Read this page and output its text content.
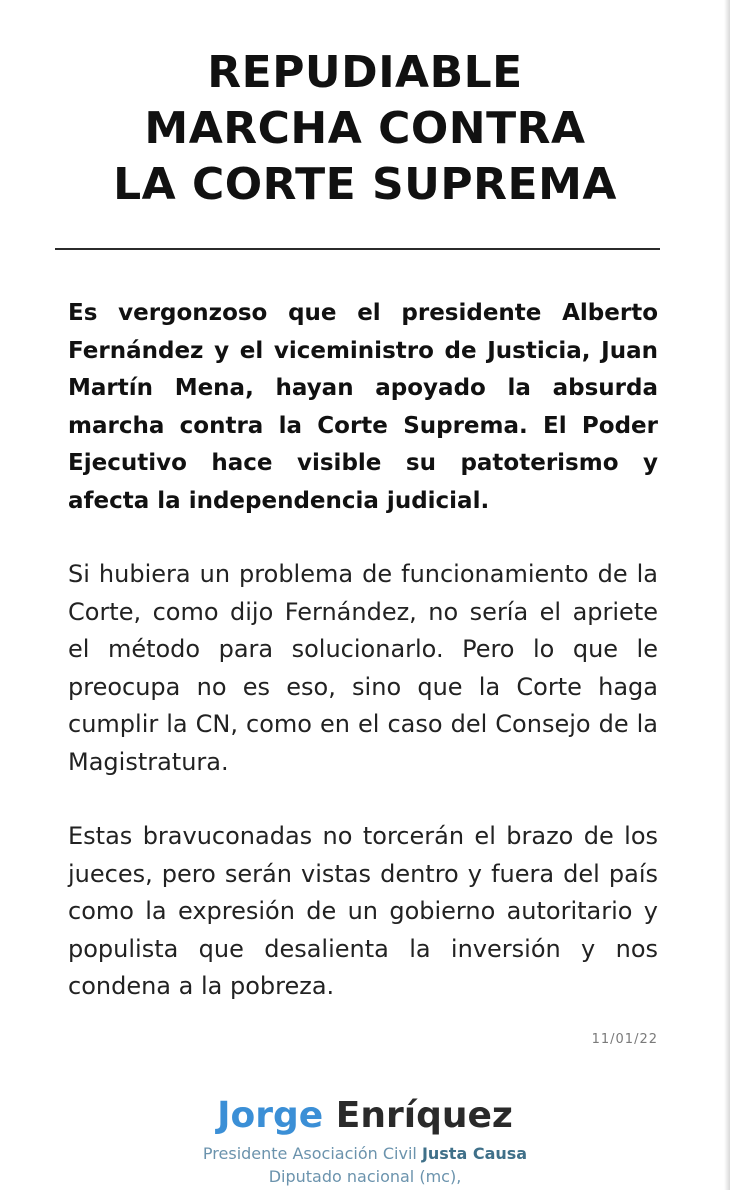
REPUDIABLE
MARCHA CONTRA
LA CORTE SUPREMA
Es vergonzoso que el presidente Alberto Fernández y el viceministro de Justicia, Juan Martín Mena, hayan apoyado la absurda marcha contra la Corte Suprema. El Poder Ejecutivo hace visible su patoterismo y afecta la independencia judicial.
Si hubiera un problema de funcionamiento de la Corte, como dijo Fernández, no sería el apriete el método para solucionarlo. Pero lo que le preocupa no es eso, sino que la Corte haga cumplir la CN, como en el caso del Consejo de la Magistratura.
Estas bravuconadas no torcerán el brazo de los jueces, pero serán vistas dentro y fuera del país como la expresión de un gobierno autoritario y populista que desalienta la inversión y nos condena a la pobreza.
11/01/22
Jorge Enríquez
Presidente Asociación Civil Justa Causa
Diputado nacional (mc),
